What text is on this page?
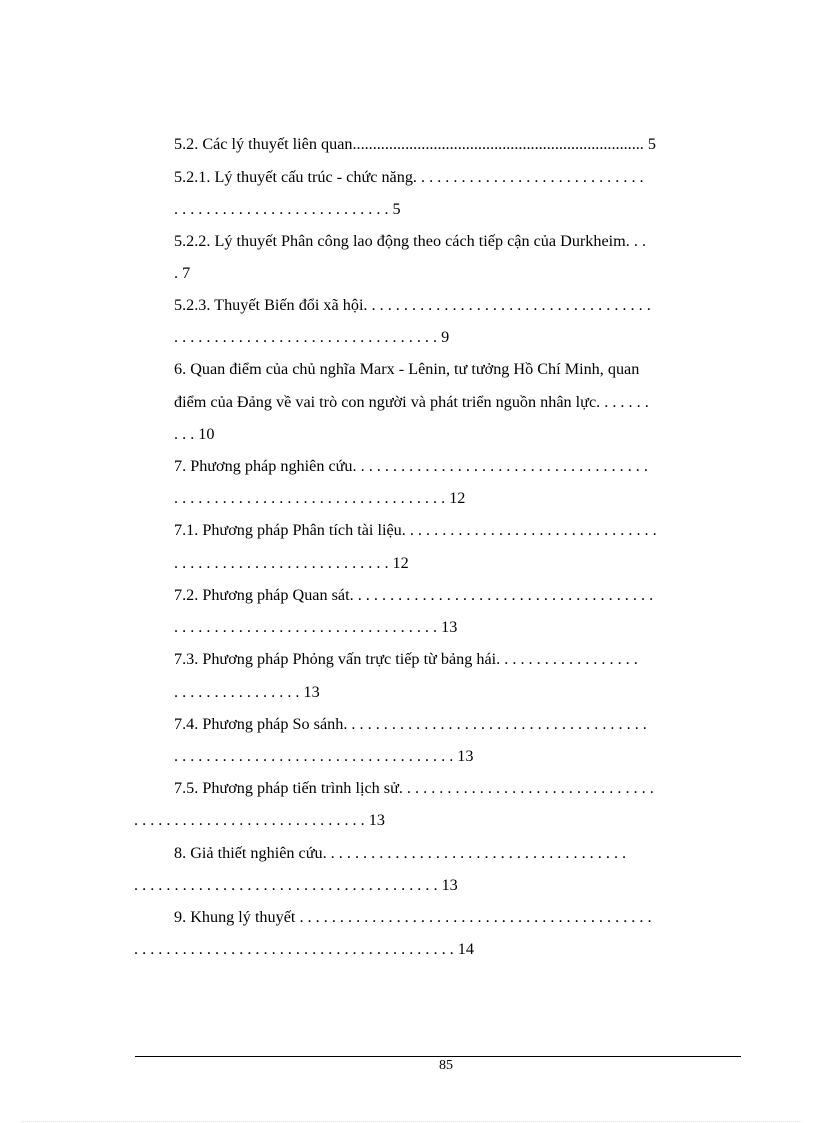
5.2. Các lý thuyết liên quan........................................................................ 5
5.2.1. Lý thuyết cấu trúc - chức năng. . . . . . . . . . . . . . . . . . . . . . . . . . . . .
. . . . . . . . . . . . . . . . . . . . . . . . . . . 5
5.2.2. Lý thuyết Phân công lao động theo cách tiếp cận của Durkheim. . .
. 7
5.2.3. Thuyết Biến đổi xã hội. . . . . . . . . . . . . . . . . . . . . . . . . . . . . . . . . . . .
. . . . . . . . . . . . . . . . . . . . . . . . . . . . . . . . . 9
6. Quan điểm của chủ nghĩa Marx - Lênin, tư tưởng Hồ Chí Minh, quan
điểm của Đảng về vai trò con người và phát triển nguồn nhân lực. . . . . . .
. . . 10
7. Phương pháp nghiên cứu. . . . . . . . . . . . . . . . . . . . . . . . . . . . . . . . . . . . .
. . . . . . . . . . . . . . . . . . . . . . . . . . . . . . . . . . 12
7.1. Phương pháp Phân tích tài liệu. . . . . . . . . . . . . . . . . . . . . . . . . . . . . . . .
. . . . . . . . . . . . . . . . . . . . . . . . . . . 12
7.2. Phương pháp Quan sát. . . . . . . . . . . . . . . . . . . . . . . . . . . . . . . . . . . . . .
. . . . . . . . . . . . . . . . . . . . . . . . . . . . . . . . . 13
7.3. Phương pháp Phỏng vấn trực tiếp từ bảng hái. . . . . . . . . . . . . . . . . .
. . . . . . . . . . . . . . . . 13
7.4. Phương pháp So sánh. . . . . . . . . . . . . . . . . . . . . . . . . . . . . . . . . . . . . .
. . . . . . . . . . . . . . . . . . . . . . . . . . . . . . . . . . . 13
7.5. Phương pháp tiến trình lịch sử. . . . . . . . . . . . . . . . . . . . . . . . . . . . . . . .
. . . . . . . . . . . . . . . . . . . . . . . . . . . . . 13
8. Giả thiết nghiên cứu. . . . . . . . . . . . . . . . . . . . . . . . . . . . . . . . . . . . . .
. . . . . . . . . . . . . . . . . . . . . . . . . . . . . . . . . . . . . . 13
9. Khung lý thuyết . . . . . . . . . . . . . . . . . . . . . . . . . . . . . . . . . . . . . . . . . . . .
. . . . . . . . . . . . . . . . . . . . . . . . . . . . . . . . . . . . . . . . 14
85
